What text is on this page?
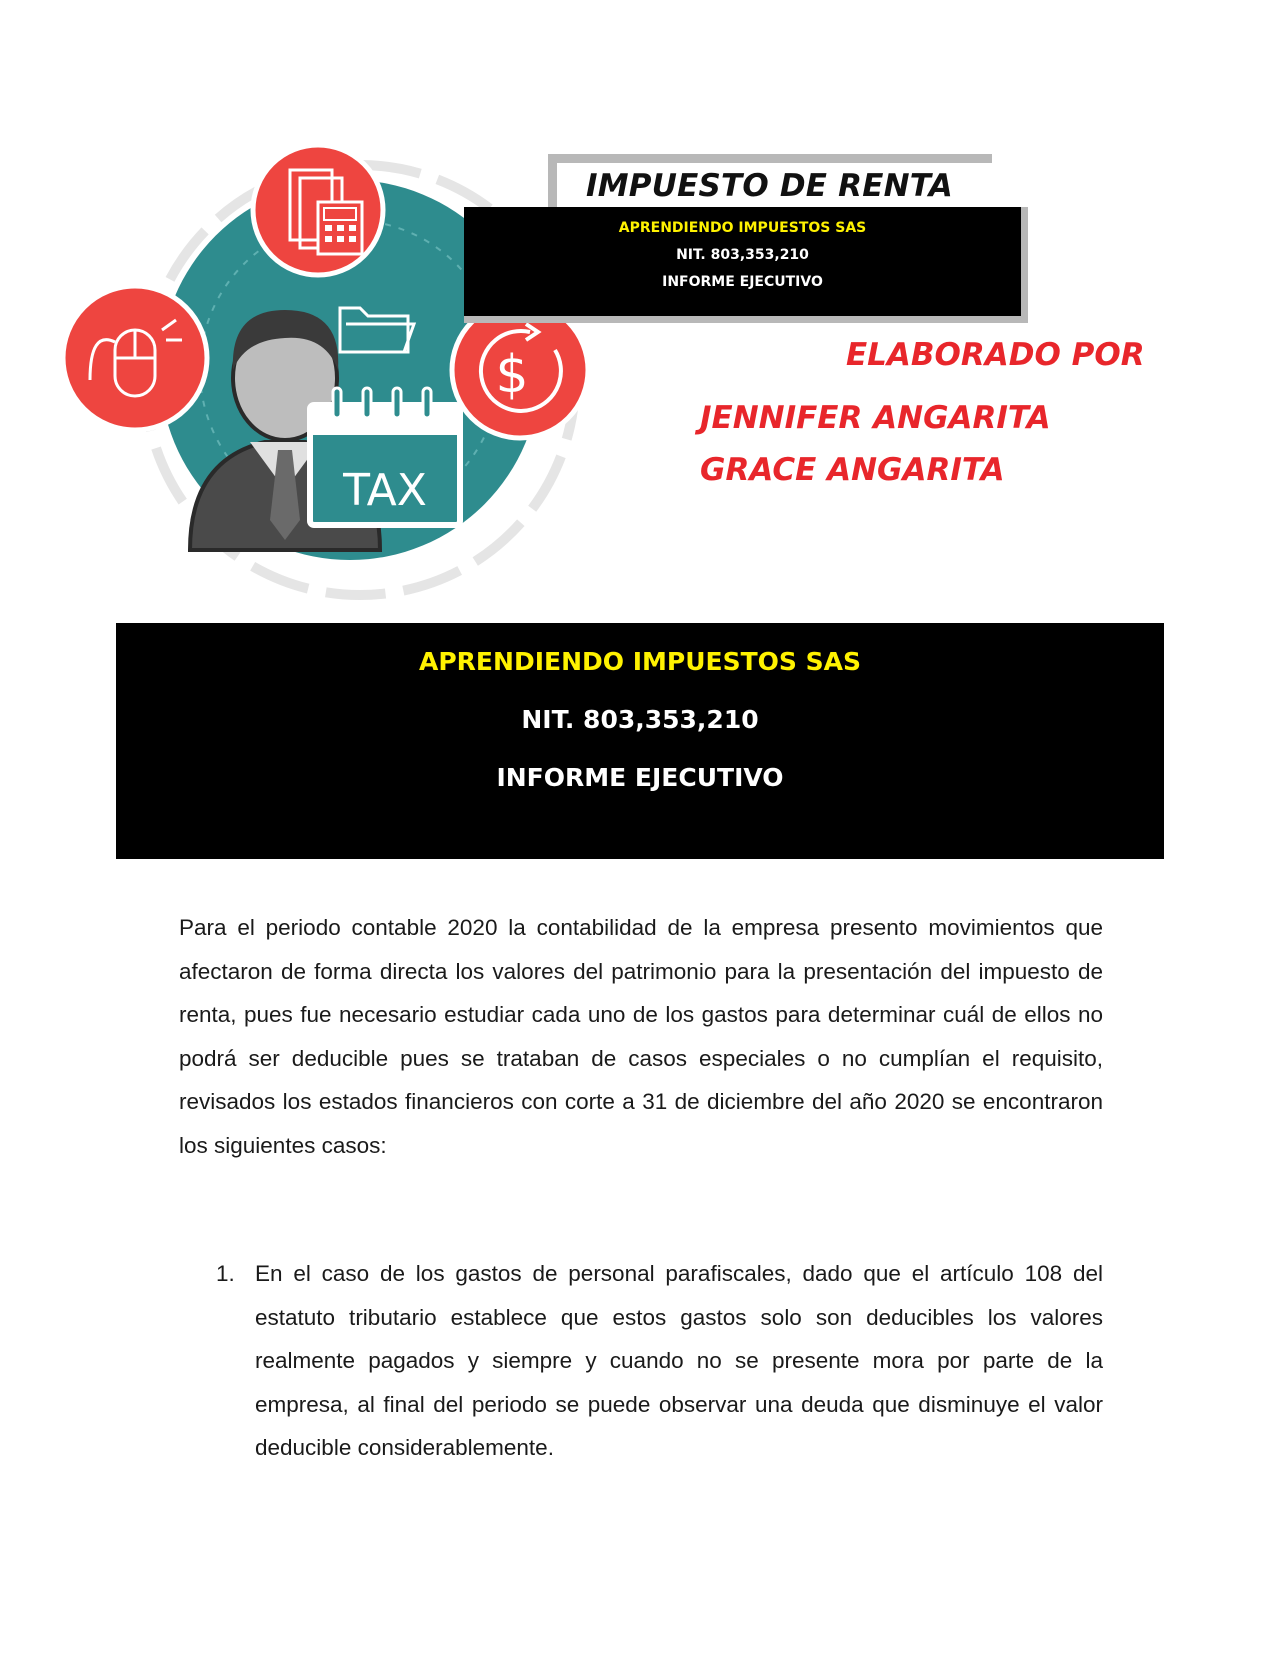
$
TAX
IMPUESTO DE RENTA
APRENDIENDO IMPUESTOS SAS
NIT. 803,353,210
INFORME EJECUTIVO
ELABORADO POR
JENNIFER ANGARITA
GRACE ANGARITA
APRENDIENDO IMPUESTOS SAS
NIT. 803,353,210
INFORME EJECUTIVO
Para el periodo contable 2020 la contabilidad de la empresa presento movimientos que afectaron de forma directa los valores del patrimonio para la presentación del impuesto de renta, pues fue necesario estudiar cada uno de los gastos para determinar cuál de ellos no podrá ser deducible pues se trataban de casos especiales o no cumplían el requisito, revisados los estados financieros con corte a 31 de diciembre del año 2020 se encontraron los siguientes casos:
1. En el caso de los gastos de personal parafiscales, dado que el artículo 108 del estatuto tributario establece que estos gastos solo son deducibles los valores realmente pagados y siempre y cuando no se presente mora por parte de la empresa, al final del periodo se puede observar una deuda que disminuye el valor deducible considerablemente.
